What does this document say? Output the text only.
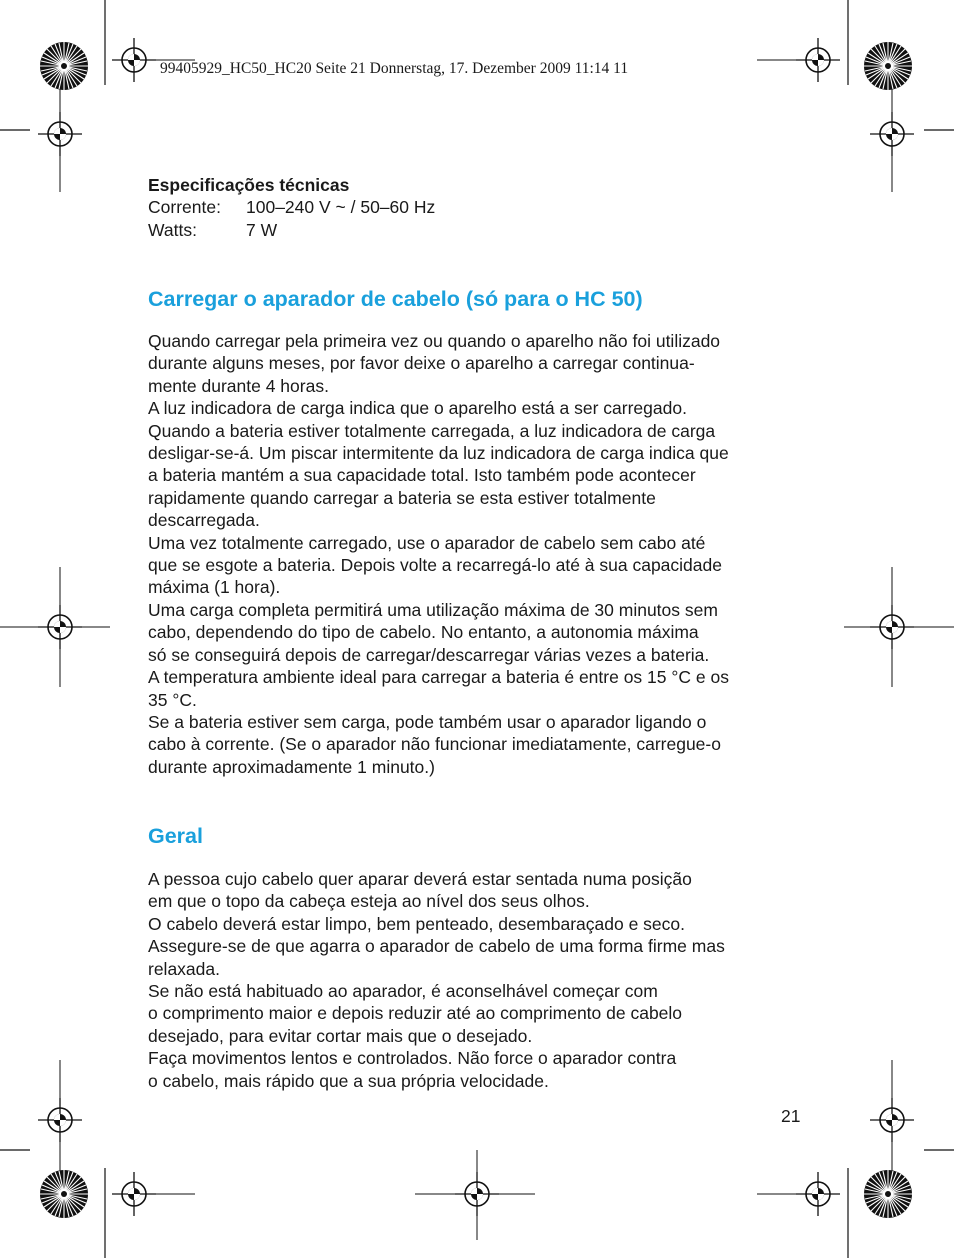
99405929_HC50_HC20 Seite 21 Donnerstag, 17. Dezember 2009 11:14 11

Especificações técnicas

Corrente:	100–240 V ~ / 50–60 Hz
Watts:	7 W
Carregar o aparador de cabelo (só para o HC 50)

Quando carregar pela primeira vez ou quando o aparelho não foi utilizado

durante alguns meses, por favor deixe o aparelho a carregar continua-

mente durante 4 horas.

A luz indicadora de carga indica que o aparelho está a ser carregado.

Quando a bateria estiver totalmente carregada, a luz indicadora de carga

desligar-se-á. Um piscar intermitente da luz indicadora de carga indica que

a bateria mantém a sua capacidade total. Isto também pode acontecer

rapidamente quando carregar a bateria se esta estiver totalmente

descarregada.

Uma vez totalmente carregado, use o aparador de cabelo sem cabo até

que se esgote a bateria. Depois volte a recarregá-lo até à sua capacidade

máxima (1 hora).

Uma carga completa permitirá uma utilização máxima de 30 minutos sem

cabo, dependendo do tipo de cabelo. No entanto, a autonomia máxima

só se conseguirá depois de carregar/descarregar várias vezes a bateria.

A temperatura ambiente ideal para carregar a bateria é entre os 15 °C e os

35 °C.

Se a bateria estiver sem carga, pode também usar o aparador ligando o

cabo à corrente. (Se o aparador não funcionar imediatamente, carregue-o

durante aproximadamente 1 minuto.)

Geral

A pessoa cujo cabelo quer aparar deverá estar sentada numa posição

em que o topo da cabeça esteja ao nível dos seus olhos.

O cabelo deverá estar limpo, bem penteado, desembaraçado e seco.

Assegure-se de que agarra o aparador de cabelo de uma forma firme mas

relaxada.

Se não está habituado ao aparador, é aconselhável começar com

o comprimento maior e depois reduzir até ao comprimento de cabelo

desejado, para evitar cortar mais que o desejado.

Faça movimentos lentos e controlados. Não force o aparador contra

o cabelo, mais rápido que a sua própria velocidade.

21
